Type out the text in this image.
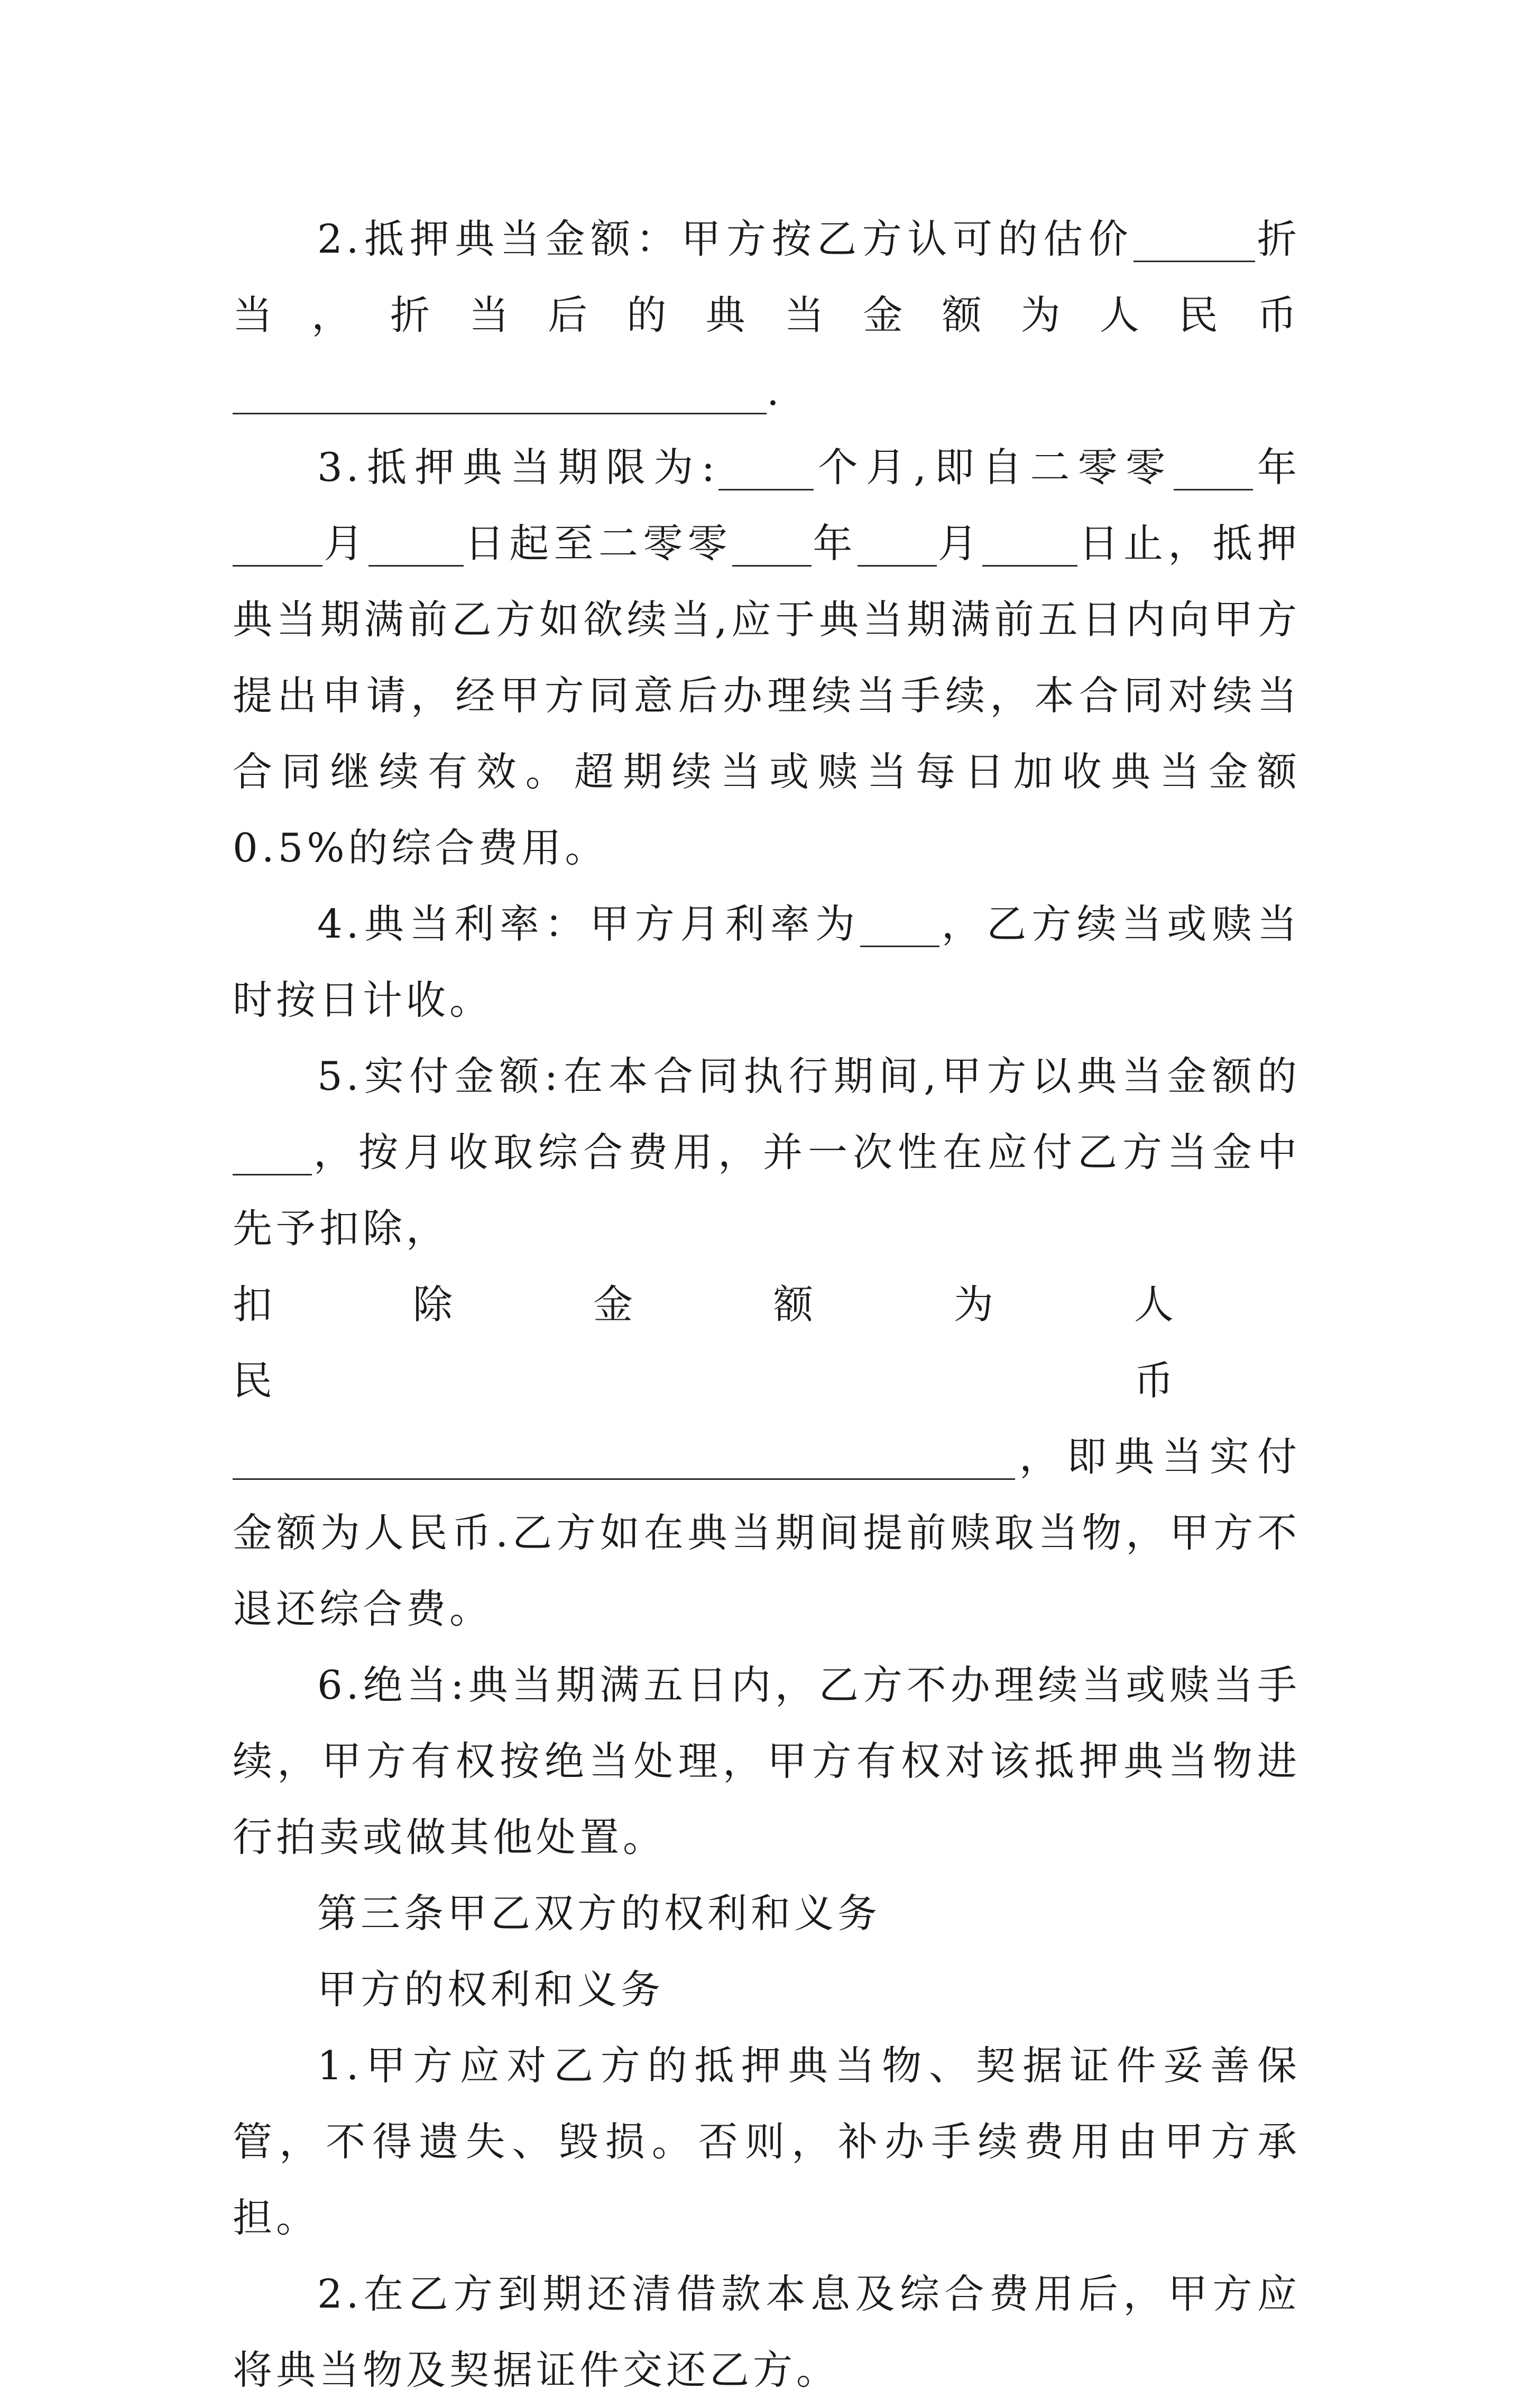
2.抵押典当金额：甲方按乙方认可的估价	折当，折当后的典当金额为人民币.

3.抵押典当期限为: 个月,即自二零零 年月 日起至二零零 年 月 日止，抵押典当期满前乙方如欲续当,应于典当期满前五日内向甲方提出申请，经甲方同意后办理续当手续，本合同对续当合同继续有效。超期续当或赎当每日加收典当金额0.5%的综合费用。

4.典当利率：甲方月利率为 ，乙方续当或赎当时按日计收。

5.实付金额:在本合同执行期间,甲方以典当金额的，按月收取综合费用，并一次性在应付乙方当金中先予扣除，
扣除金额为人民币
，即典当实付金额为人民币.乙方如在典当期间提前赎取当物，甲方不退还综合费。

6.绝当:典当期满五日内，乙方不办理续当或赎当手续，甲方有权按绝当处理，甲方有权对该抵押典当物进行拍卖或做其他处置。

第三条甲乙双方的权利和义务

甲方的权利和义务

1.甲方应对乙方的抵押典当物、契据证件妥善保管，不得遗失、毁损。否则，补办手续费用由甲方承担。

2.在乙方到期还清借款本息及综合费用后，甲方应将典当物及契据证件交还乙方。
